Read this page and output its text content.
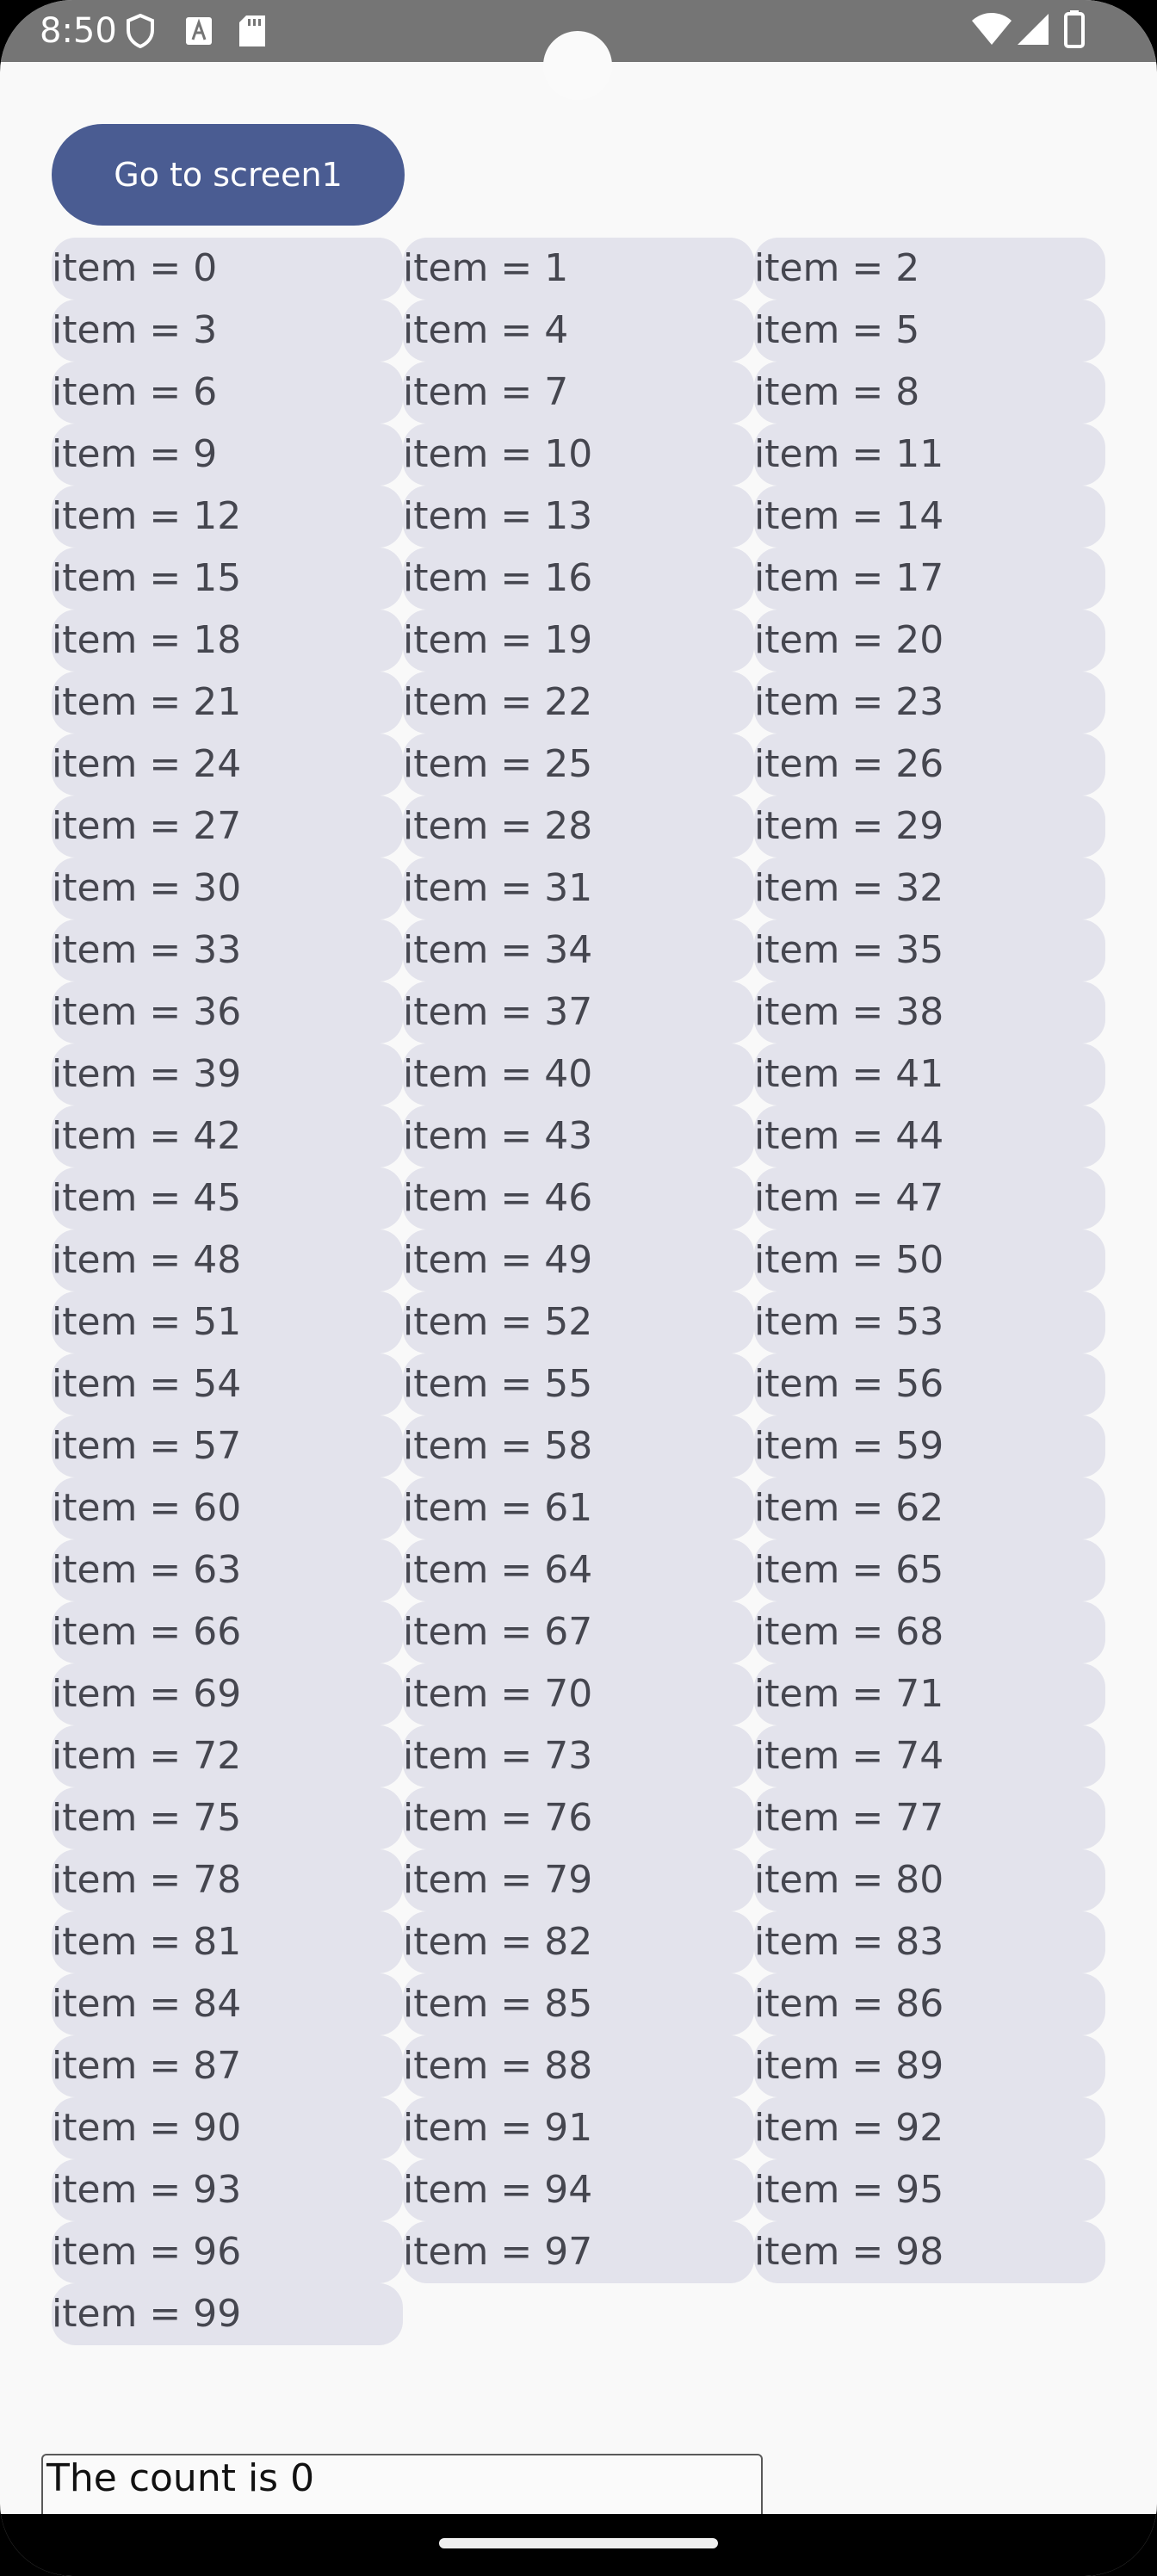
8:50
Go to screen1
item = 0	item = 1	item = 2
item = 3	item = 4	item = 5
item = 6	item = 7	item = 8
item = 9	item = 10	item = 11
item = 12	item = 13	item = 14
item = 15	item = 16	item = 17
item = 18	item = 19	item = 20
item = 21	item = 22	item = 23
item = 24	item = 25	item = 26
item = 27	item = 28	item = 29
item = 30	item = 31	item = 32
item = 33	item = 34	item = 35
item = 36	item = 37	item = 38
item = 39	item = 40	item = 41
item = 42	item = 43	item = 44
item = 45	item = 46	item = 47
item = 48	item = 49	item = 50
item = 51	item = 52	item = 53
item = 54	item = 55	item = 56
item = 57	item = 58	item = 59
item = 60	item = 61	item = 62
item = 63	item = 64	item = 65
item = 66	item = 67	item = 68
item = 69	item = 70	item = 71
item = 72	item = 73	item = 74
item = 75	item = 76	item = 77
item = 78	item = 79	item = 80
item = 81	item = 82	item = 83
item = 84	item = 85	item = 86
item = 87	item = 88	item = 89
item = 90	item = 91	item = 92
item = 93	item = 94	item = 95
item = 96	item = 97	item = 98
item = 99
The count is 0
